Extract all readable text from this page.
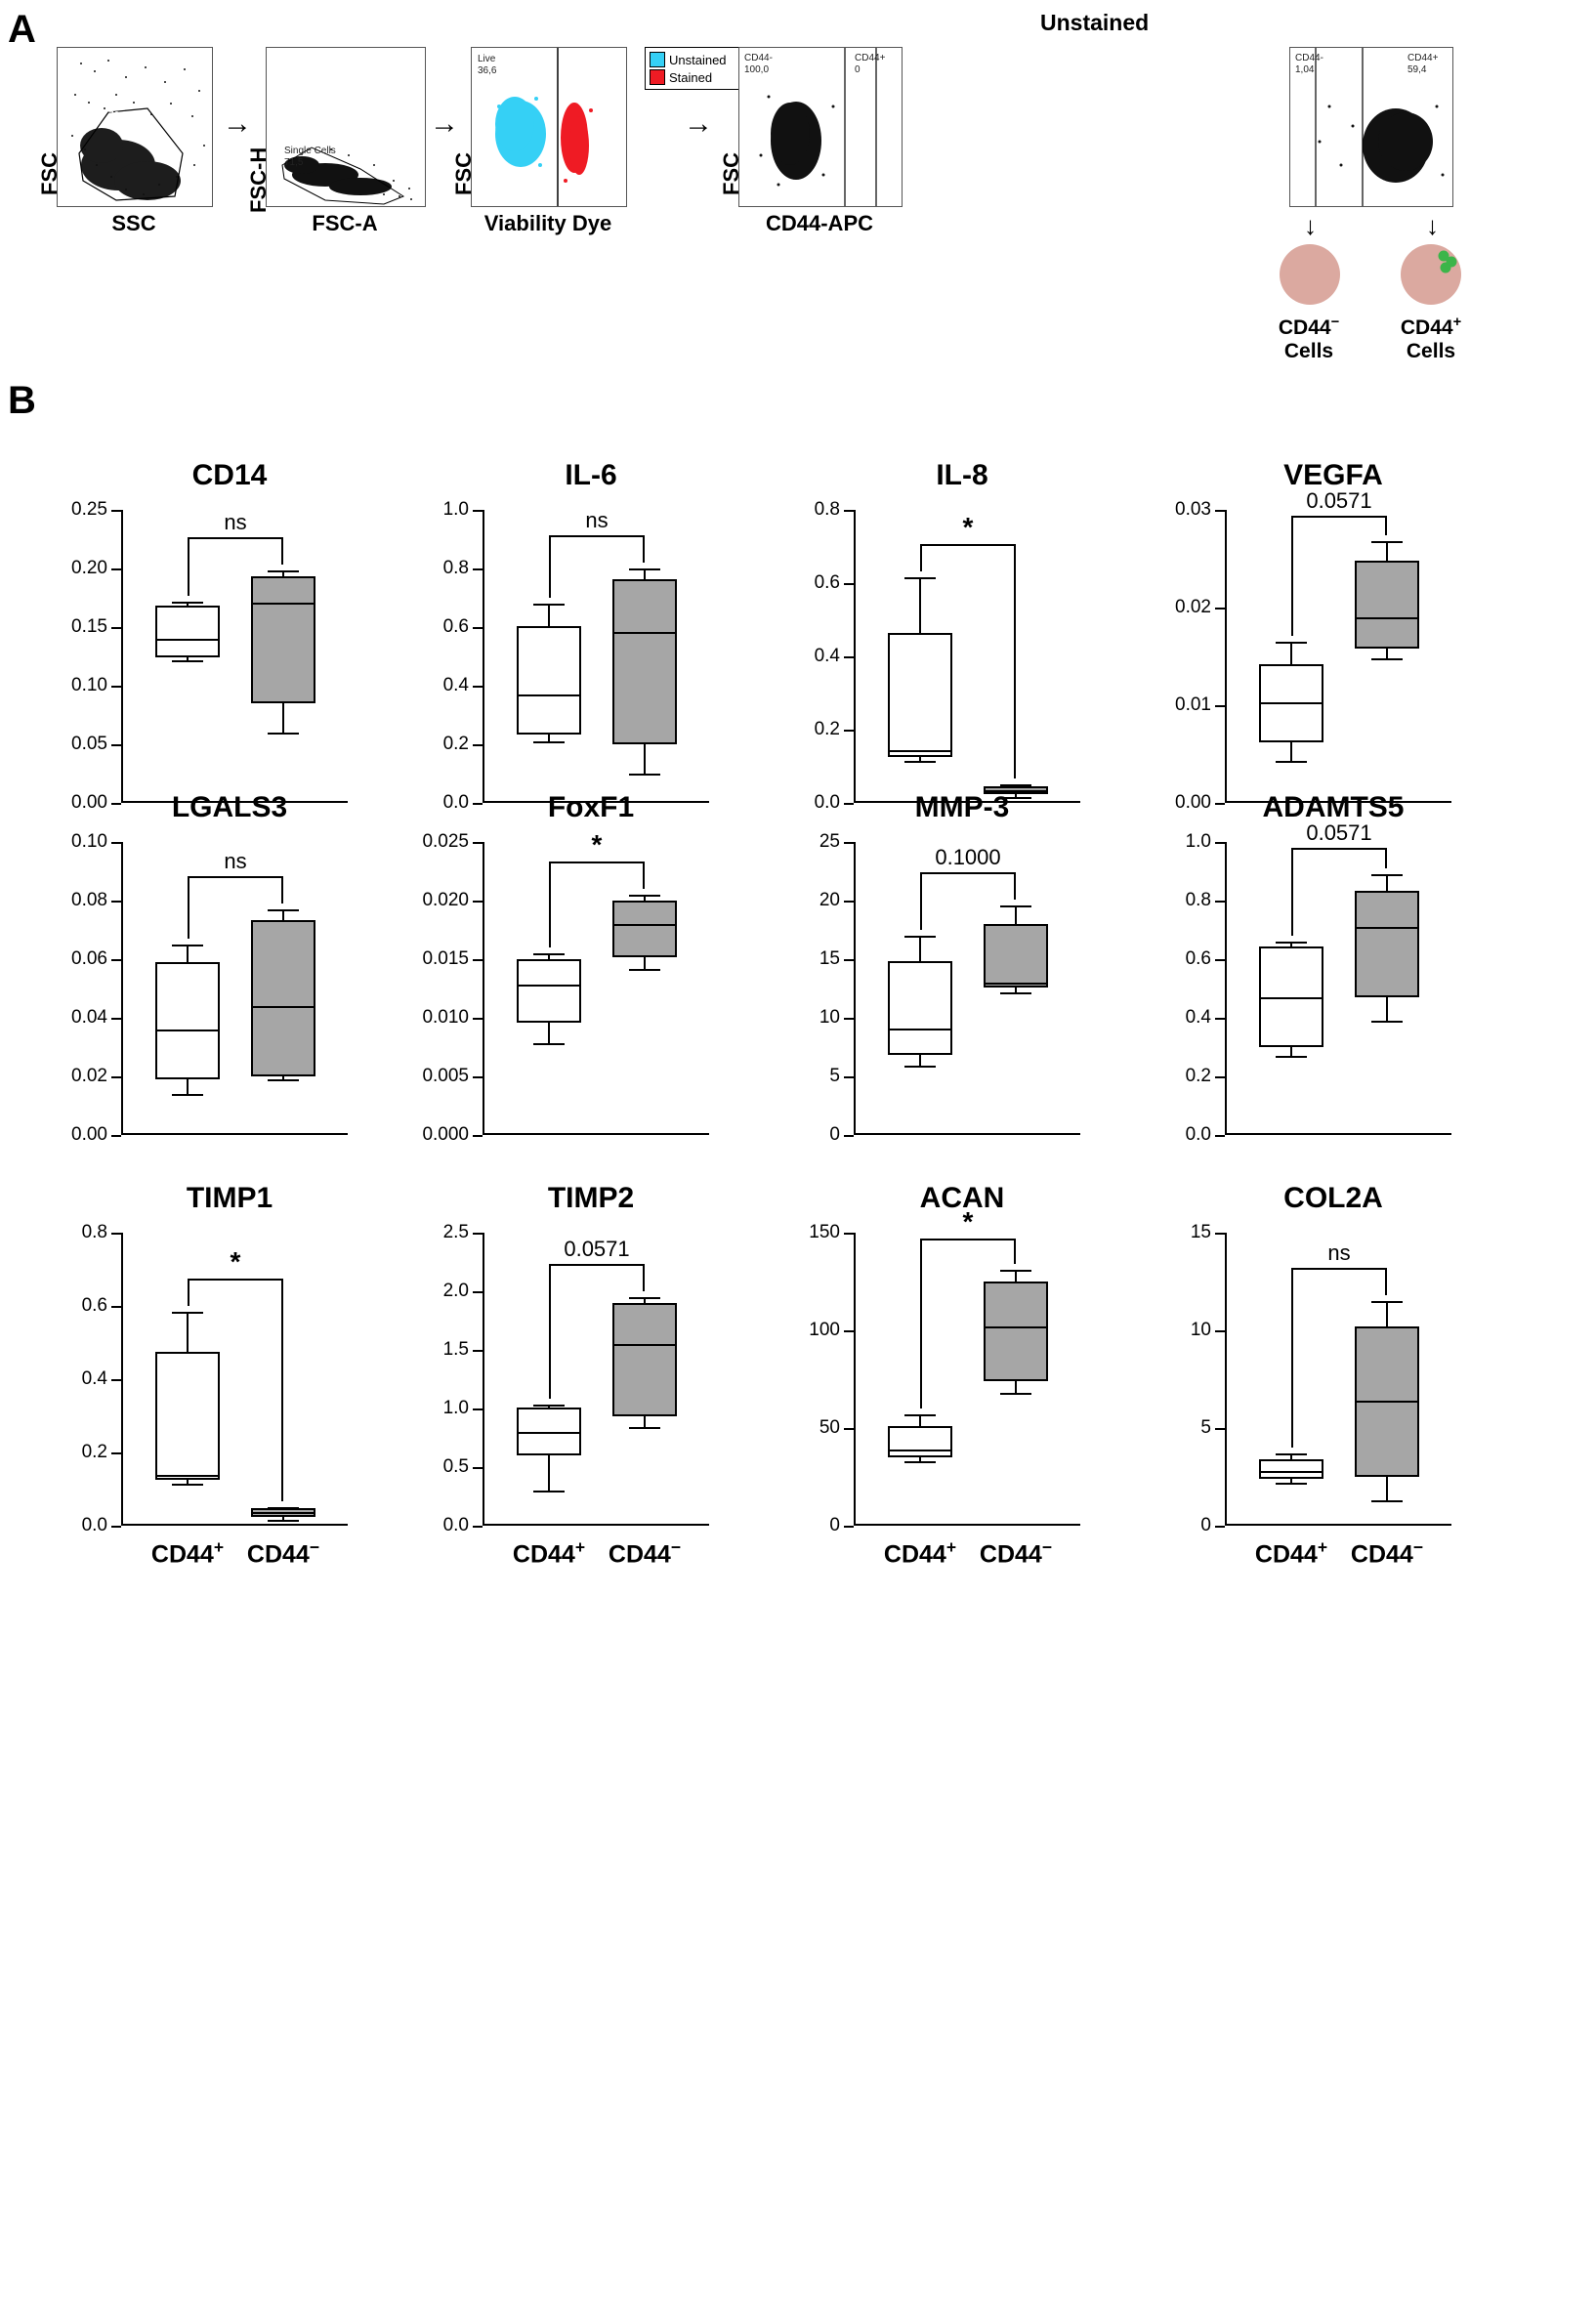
A
76,3
FSC
SSC
→
Single Cells
71,5
FSC-H
FSC-A
→
Live
36,6
FSC
Viability Dye
Unstained
Stained
→
Unstained
CD44-
100,0
CD44+
0
FSC
CD44-APC
CD44-
1,04
CD44+
59,4
↓	↓
CD44−
Cells
CD44+
Cells
B
CD14
0.00
0.05
0.10
0.15
0.20
0.25
ns
IL-6
0.0
0.2
0.4
0.6
0.8
1.0	ns
IL-8
0.0
0.2
0.4
0.6
0.8
*
VEGFA
0.00
0.01
0.02
0.03	0.0571
LGALS3
0.00
0.02
0.04
0.06
0.08
0.10
ns
FoxF1
0.000
0.005
0.010
0.015
0.020
0.025	*
MMP-3
0
5
10
15
20
25
0.1000
ADAMTS5
0.0
0.2
0.4
0.6
0.8
1.0	0.0571
TIMP1
0.0
0.2
0.4
0.6
0.8
*
CD44+ CD44−
TIMP2
0.0
0.5
1.0
1.5
2.0
2.5
0.0571
CD44+ CD44−
ACAN
0
50
100
150	*
CD44+ CD44−
COL2A
0
5
10
15
ns
CD44+ CD44−
